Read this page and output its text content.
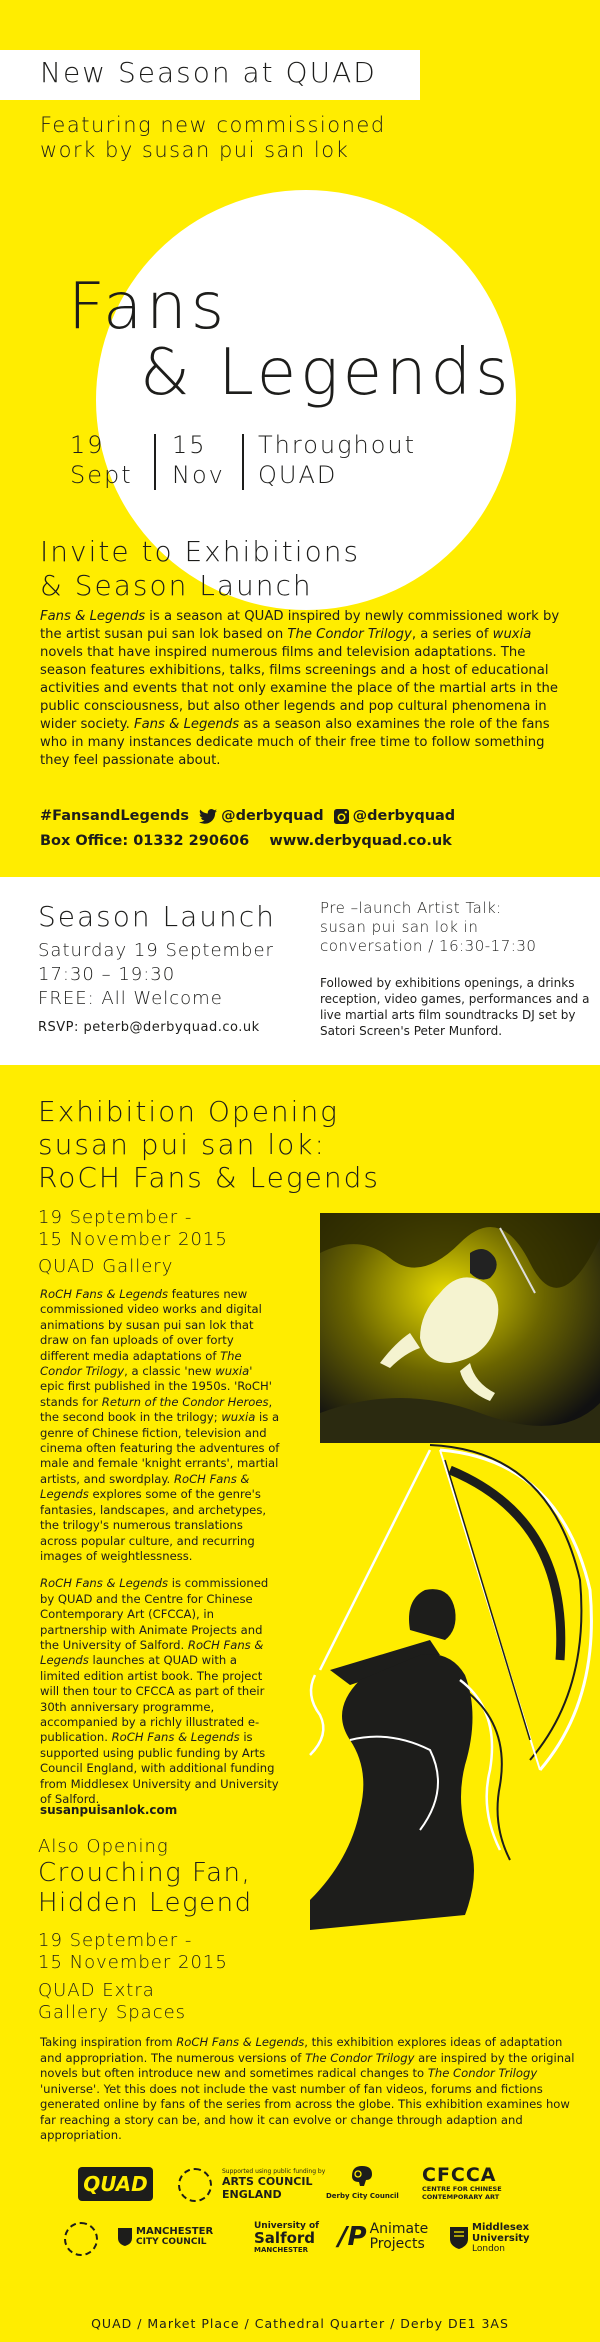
New Season at QUAD
Featuring new commissioned
work by susan pui san lok
Fans
& Legends
19
Sept
15
Nov
Throughout
QUAD
Invite to Exhibitions
& Season Launch
Fans & Legends is a season at QUAD inspired by newly commissioned work by the artist susan pui san lok based on The Condor Trilogy, a series of wuxia novels that have inspired numerous films and television adaptations. The season features exhibitions, talks, films screenings and a host of educational activities and events that not only examine the place of the martial arts in the public consciousness, but also other legends and pop cultural phenomena in wider society. Fans & Legends as a season also examines the role of the fans who in many instances dedicate much of their free time to follow something they feel passionate about.
#FansandLegends @derbyquad @derbyquad
Box Office: 01332 290606 www.derbyquad.co.uk
Season Launch
Saturday 19 September
17:30 – 19:30
FREE: All Welcome
RSVP: peterb@derbyquad.co.uk
Pre –launch Artist Talk:
susan pui san lok in
conversation / 16:30-17:30
Followed by exhibitions openings, a drinks reception, video games, performances and a live martial arts film soundtracks DJ set by Satori Screen's Peter Munford.
Exhibition Opening
susan pui san lok:
RoCH Fans & Legends
19 September -
15 November 2015
QUAD Gallery

RoCH Fans & Legends features new commissioned video works and digital animations by susan pui san lok that draw on fan uploads of over forty different media adaptations of The Condor Trilogy, a classic 'new wuxia' epic first published in the 1950s. 'RoCH' stands for Return of the Condor Heroes, the second book in the trilogy; wuxia is a genre of Chinese fiction, television and cinema often featuring the adventures of male and female 'knight errants', martial artists, and swordplay. RoCH Fans & Legends explores some of the genre's fantasies, landscapes, and archetypes, the trilogy's numerous translations across popular culture, and recurring images of weightlessness.

RoCH Fans & Legends is commissioned by QUAD and the Centre for Chinese Contemporary Art (CFCCA), in partnership with Animate Projects and the University of Salford. RoCH Fans & Legends launches at QUAD with a limited edition artist book. The project will then tour to CFCCA as part of their 30th anniversary programme, accompanied by a richly illustrated e-publication. RoCH Fans & Legends is supported using public funding by Arts Council England, with additional funding from Middlesex University and University of Salford.

susanpuisanlok.com
Also Opening
Crouching Fan,
Hidden Legend
19 September -
15 November 2015
QUAD Extra
Gallery Spaces
Taking inspiration from RoCH Fans & Legends, this exhibition explores ideas of adaptation and appropriation. The numerous versions of The Condor Trilogy are inspired by the original novels but often introduce new and sometimes radical changes to The Condor Trilogy 'universe'. Yet this does not include the vast number of fan videos, forums and fictions generated online by fans of the series from across the globe. This exhibition examines how far reaching a story can be, and how it can evolve or change through adaption and appropriation.
QUAD
Supported using public funding by
ARTS COUNCIL
ENGLAND	Derby City Council
CFCCA
CENTRE FOR CHINESE
CONTEMPORARY ART
MANCHESTER
CITY COUNCIL
University of
Salford
MANCHESTER	/P Animate
Projects
Middlesex
University
London
QUAD / Market Place / Cathedral Quarter / Derby DE1 3AS
